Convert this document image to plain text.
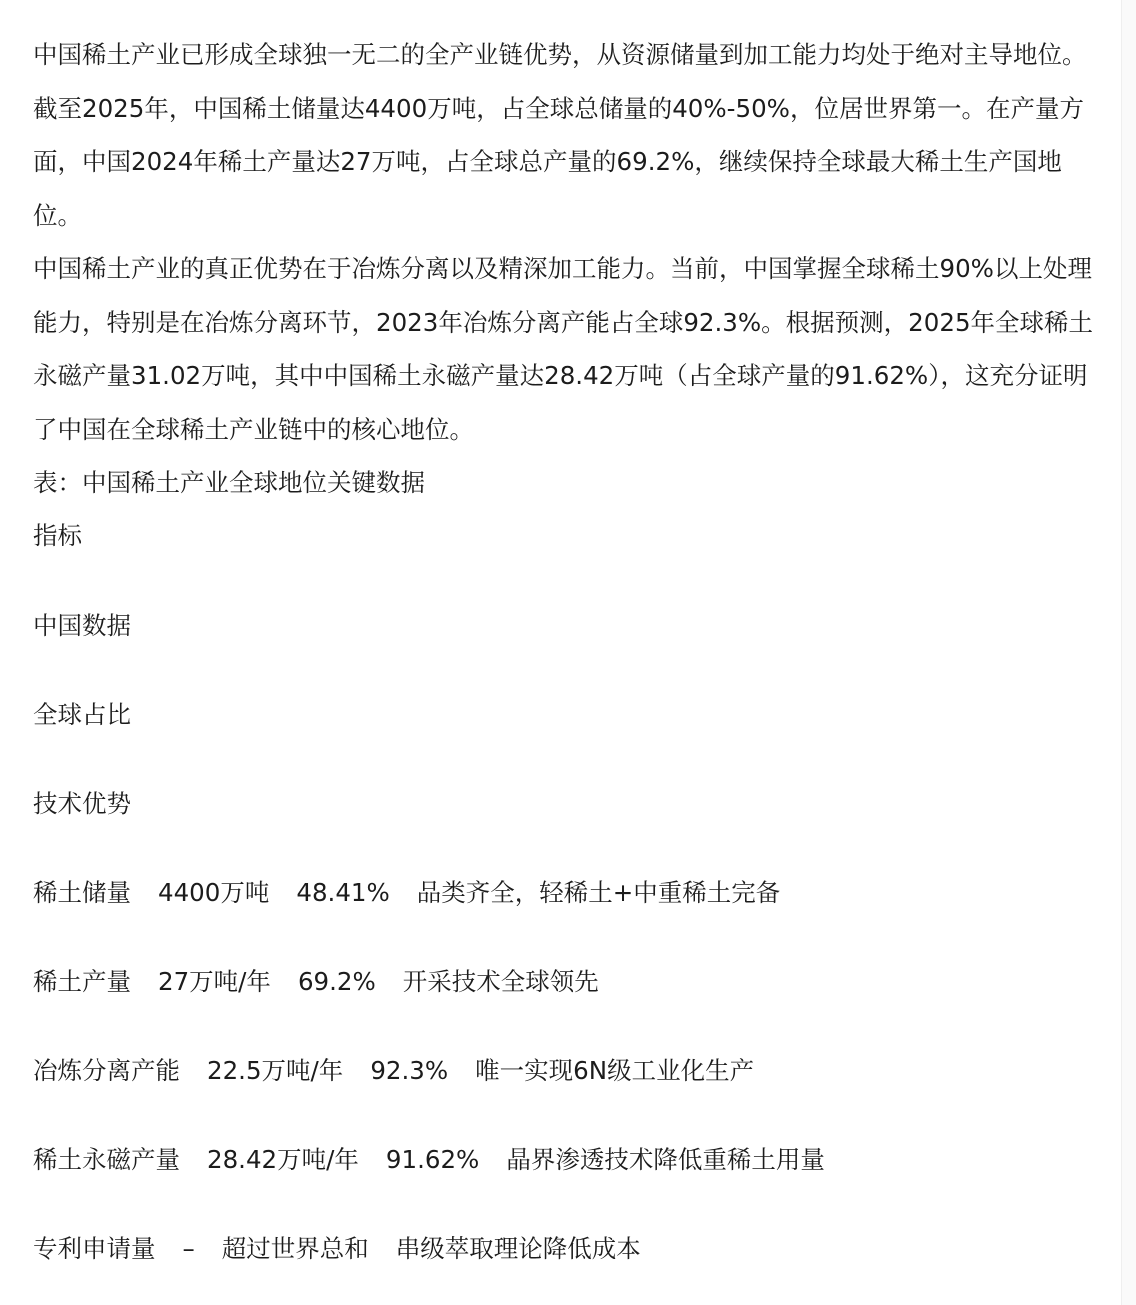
中国稀土产业已形成全球独一无二的全产业链优势，从资源储量到加工能力均处于绝对主导地位。截至2025年，中国稀土储量达4400万吨，占全球总储量的40%-50%，位居世界第一。在产量方面，中国2024年稀土产量达27万吨，占全球总产量的69.2%，继续保持全球最大稀土生产国地位。

中国稀土产业的真正优势在于冶炼分离以及精深加工能力。当前，中国掌握全球稀土90%以上处理能力，特别是在冶炼分离环节，2023年冶炼分离产能占全球92.3%。根据预测，2025年全球稀土永磁产量31.02万吨，其中中国稀土永磁产量达28.42万吨（占全球产量的91.62%），这充分证明了中国在全球稀土产业链中的核心地位。

表：中国稀土产业全球地位关键数据

指标

中国数据

全球占比

技术优势

稀土储量 4400万吨 48.41% 品类齐全，轻稀土+中重稀土完备
稀土产量 27万吨/年 69.2% 开采技术全球领先
冶炼分离产能 22.5万吨/年 92.3% 唯一实现6N级工业化生产
稀土永磁产量 28.42万吨/年 91.62% 晶界渗透技术降低重稀土用量
专利申请量 – 超过世界总和 串级萃取理论降低成本
